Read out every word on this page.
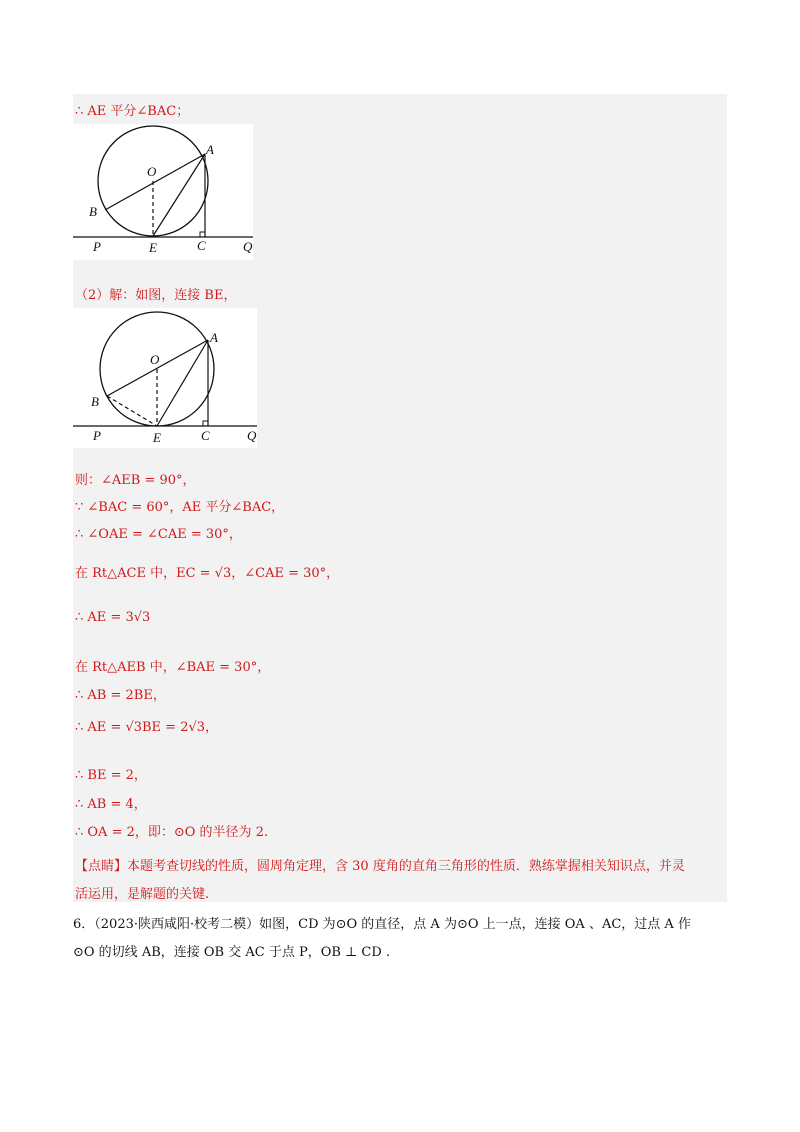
∴ AE 平分∠BAC；
A
B
O
E	C
P	Q
（2）解：如图，连接 BE，
A
B
O
E	C
P	Q
则：∠AEB = 90°，
∵ ∠BAC = 60°，AE 平分∠BAC，
∴ ∠OAE = ∠CAE = 30°，
在 Rt△ACE 中，EC = √3，∠CAE = 30°，
∴ AE = 3√3
在 Rt△AEB 中，∠BAE = 30°，
∴ AB = 2BE，
∴ AE = √3BE = 2√3，
∴ BE = 2，
∴ AB = 4，
∴ OA = 2，即：⊙O 的半径为 2.
【点睛】本题考查切线的性质，圆周角定理，含 30 度角的直角三角形的性质．熟练掌握相关知识点，并灵
活运用，是解题的关键.
6．（2023·陕西咸阳·校考二模）如图，CD 为⊙O 的直径，点 A 为⊙O 上一点，连接 OA 、AC，过点 A 作
⊙O 的切线 AB，连接 OB 交 AC 于点 P，OB ⊥ CD .
